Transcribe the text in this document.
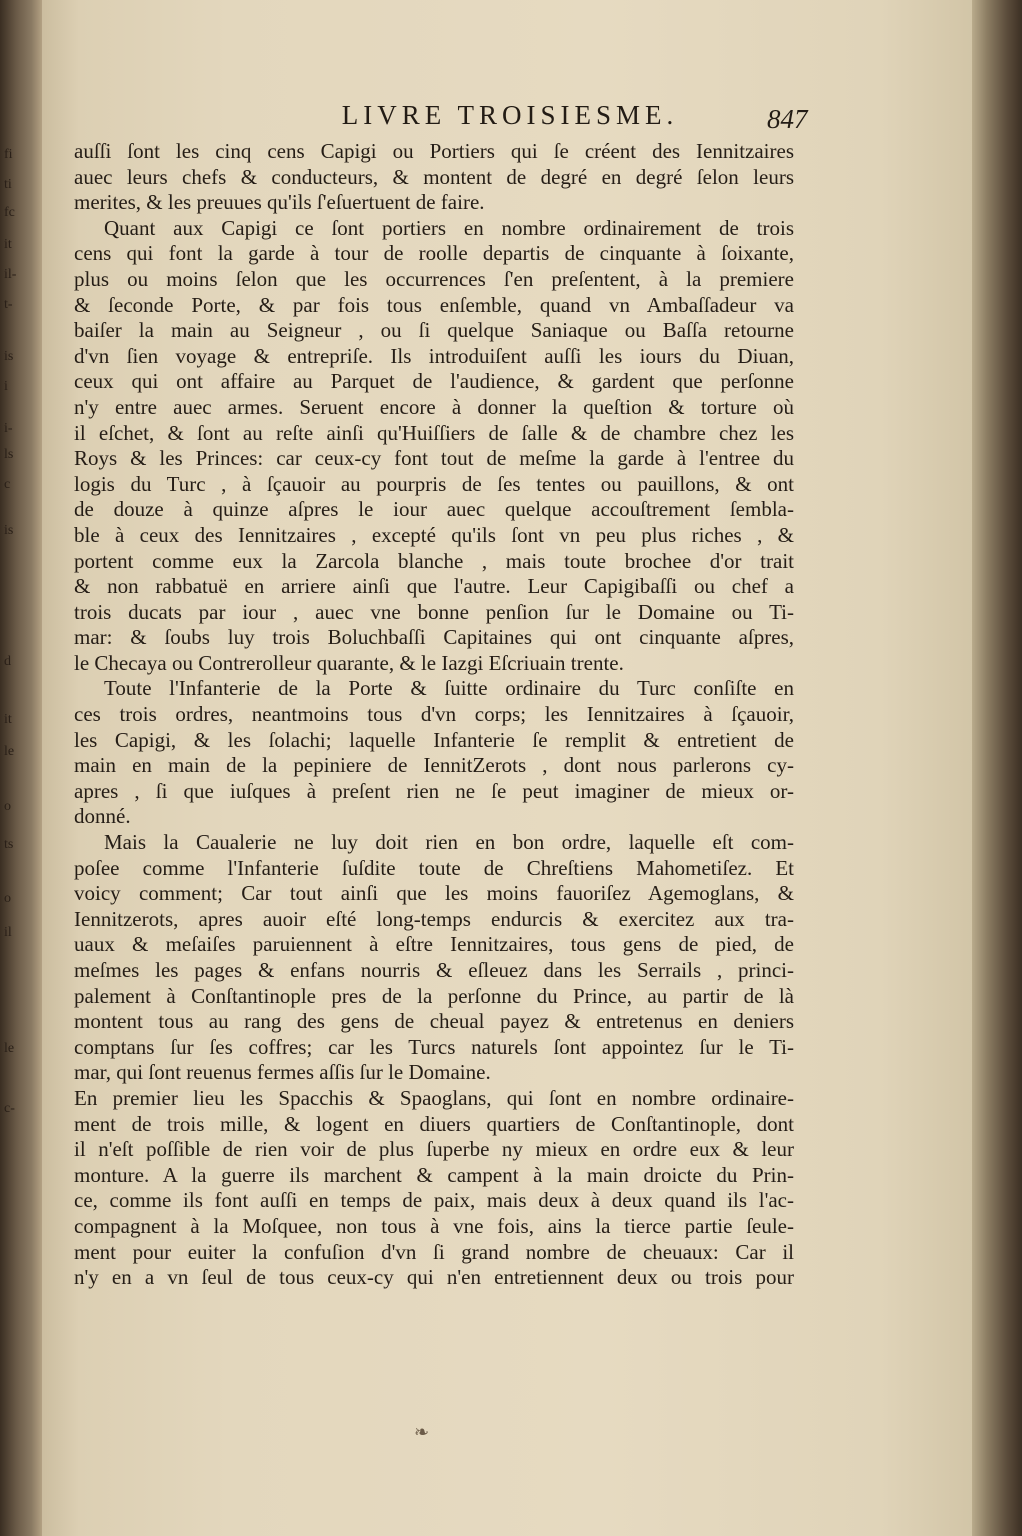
fi
ti
fc
it
il-
t-
is
i
i-
ls
c
is
d
it
le
o
ts
o
il
le
c-
LIVRE TROISIESME.	847
auſſi ſont les cinq cens Capigi ou Portiers qui ſe créent des Iennitzaires
auec leurs chefs & conducteurs, & montent de degré en degré ſelon leurs
merites, & les preuues qu'ils ſ'eſuertuent de faire.
Quant aux Capigi ce ſont portiers en nombre ordinairement de trois
cens qui font la garde à tour de roolle departis de cinquante à ſoixante,
plus ou moins ſelon que les occurrences ſ'en preſentent, à la premiere
& ſeconde Porte, & par fois tous enſemble, quand vn Ambaſſadeur va
baiſer la main au Seigneur , ou ſi quelque Saniaque ou Baſſa retourne
d'vn ſien voyage & entrepriſe. Ils introduiſent auſſi les iours du Diuan,
ceux qui ont affaire au Parquet de l'audience, & gardent que perſonne
n'y entre auec armes. Seruent encore à donner la queſtion & torture où
il eſchet, & ſont au reſte ainſi qu'Huiſſiers de ſalle & de chambre chez les
Roys & les Princes: car ceux-cy font tout de meſme la garde à l'entree du
logis du Turc , à ſçauoir au pourpris de ſes tentes ou pauillons, & ont
de douze à quinze aſpres le iour auec quelque accouſtrement ſembla-
ble à ceux des Iennitzaires , excepté qu'ils ſont vn peu plus riches , &
portent comme eux la Zarcola blanche , mais toute brochee d'or trait
& non rabbatuë en arriere ainſi que l'autre. Leur Capigibaſſi ou chef a
trois ducats par iour , auec vne bonne penſion ſur le Domaine ou Ti-
mar: & ſoubs luy trois Boluchbaſſi Capitaines qui ont cinquante aſpres,
le Checaya ou Contrerolleur quarante, & le Iazgi Eſcriuain trente.
Toute l'Infanterie de la Porte & ſuitte ordinaire du Turc conſiſte en
ces trois ordres, neantmoins tous d'vn corps; les Iennitzaires à ſçauoir,
les Capigi, & les ſolachi; laquelle Infanterie ſe remplit & entretient de
main en main de la pepiniere de IennitZerots , dont nous parlerons cy-
apres , ſi que iuſques à preſent rien ne ſe peut imaginer de mieux or-
donné.
Mais la Caualerie ne luy doit rien en bon ordre, laquelle eſt com-
poſee comme l'Infanterie ſuſdite toute de Chreſtiens Mahometiſez. Et
voicy comment; Car tout ainſi que les moins fauoriſez Agemoglans, &
Iennitzerots, apres auoir eſté long-temps endurcis & exercitez aux tra-
uaux & meſaiſes paruiennent à eſtre Iennitzaires, tous gens de pied, de
meſmes les pages & enfans nourris & eſleuez dans les Serrails , princi-
palement à Conſtantinople pres de la perſonne du Prince, au partir de là
montent tous au rang des gens de cheual payez & entretenus en deniers
comptans ſur ſes coffres; car les Turcs naturels ſont appointez ſur le Ti-
mar, qui ſont reuenus fermes aſſis ſur le Domaine.
En premier lieu les Spacchis & Spaoglans, qui ſont en nombre ordinaire-
ment de trois mille, & logent en diuers quartiers de Conſtantinople, dont
il n'eſt poſſible de rien voir de plus ſuperbe ny mieux en ordre eux & leur
monture. A la guerre ils marchent & campent à la main droicte du Prin-
ce, comme ils font auſſi en temps de paix, mais deux à deux quand ils l'ac-
compagnent à la Moſquee, non tous à vne fois, ains la tierce partie ſeule-
ment pour euiter la confuſion d'vn ſi grand nombre de cheuaux: Car il
n'y en a vn ſeul de tous ceux-cy qui n'en entretiennent deux ou trois pour
❧
